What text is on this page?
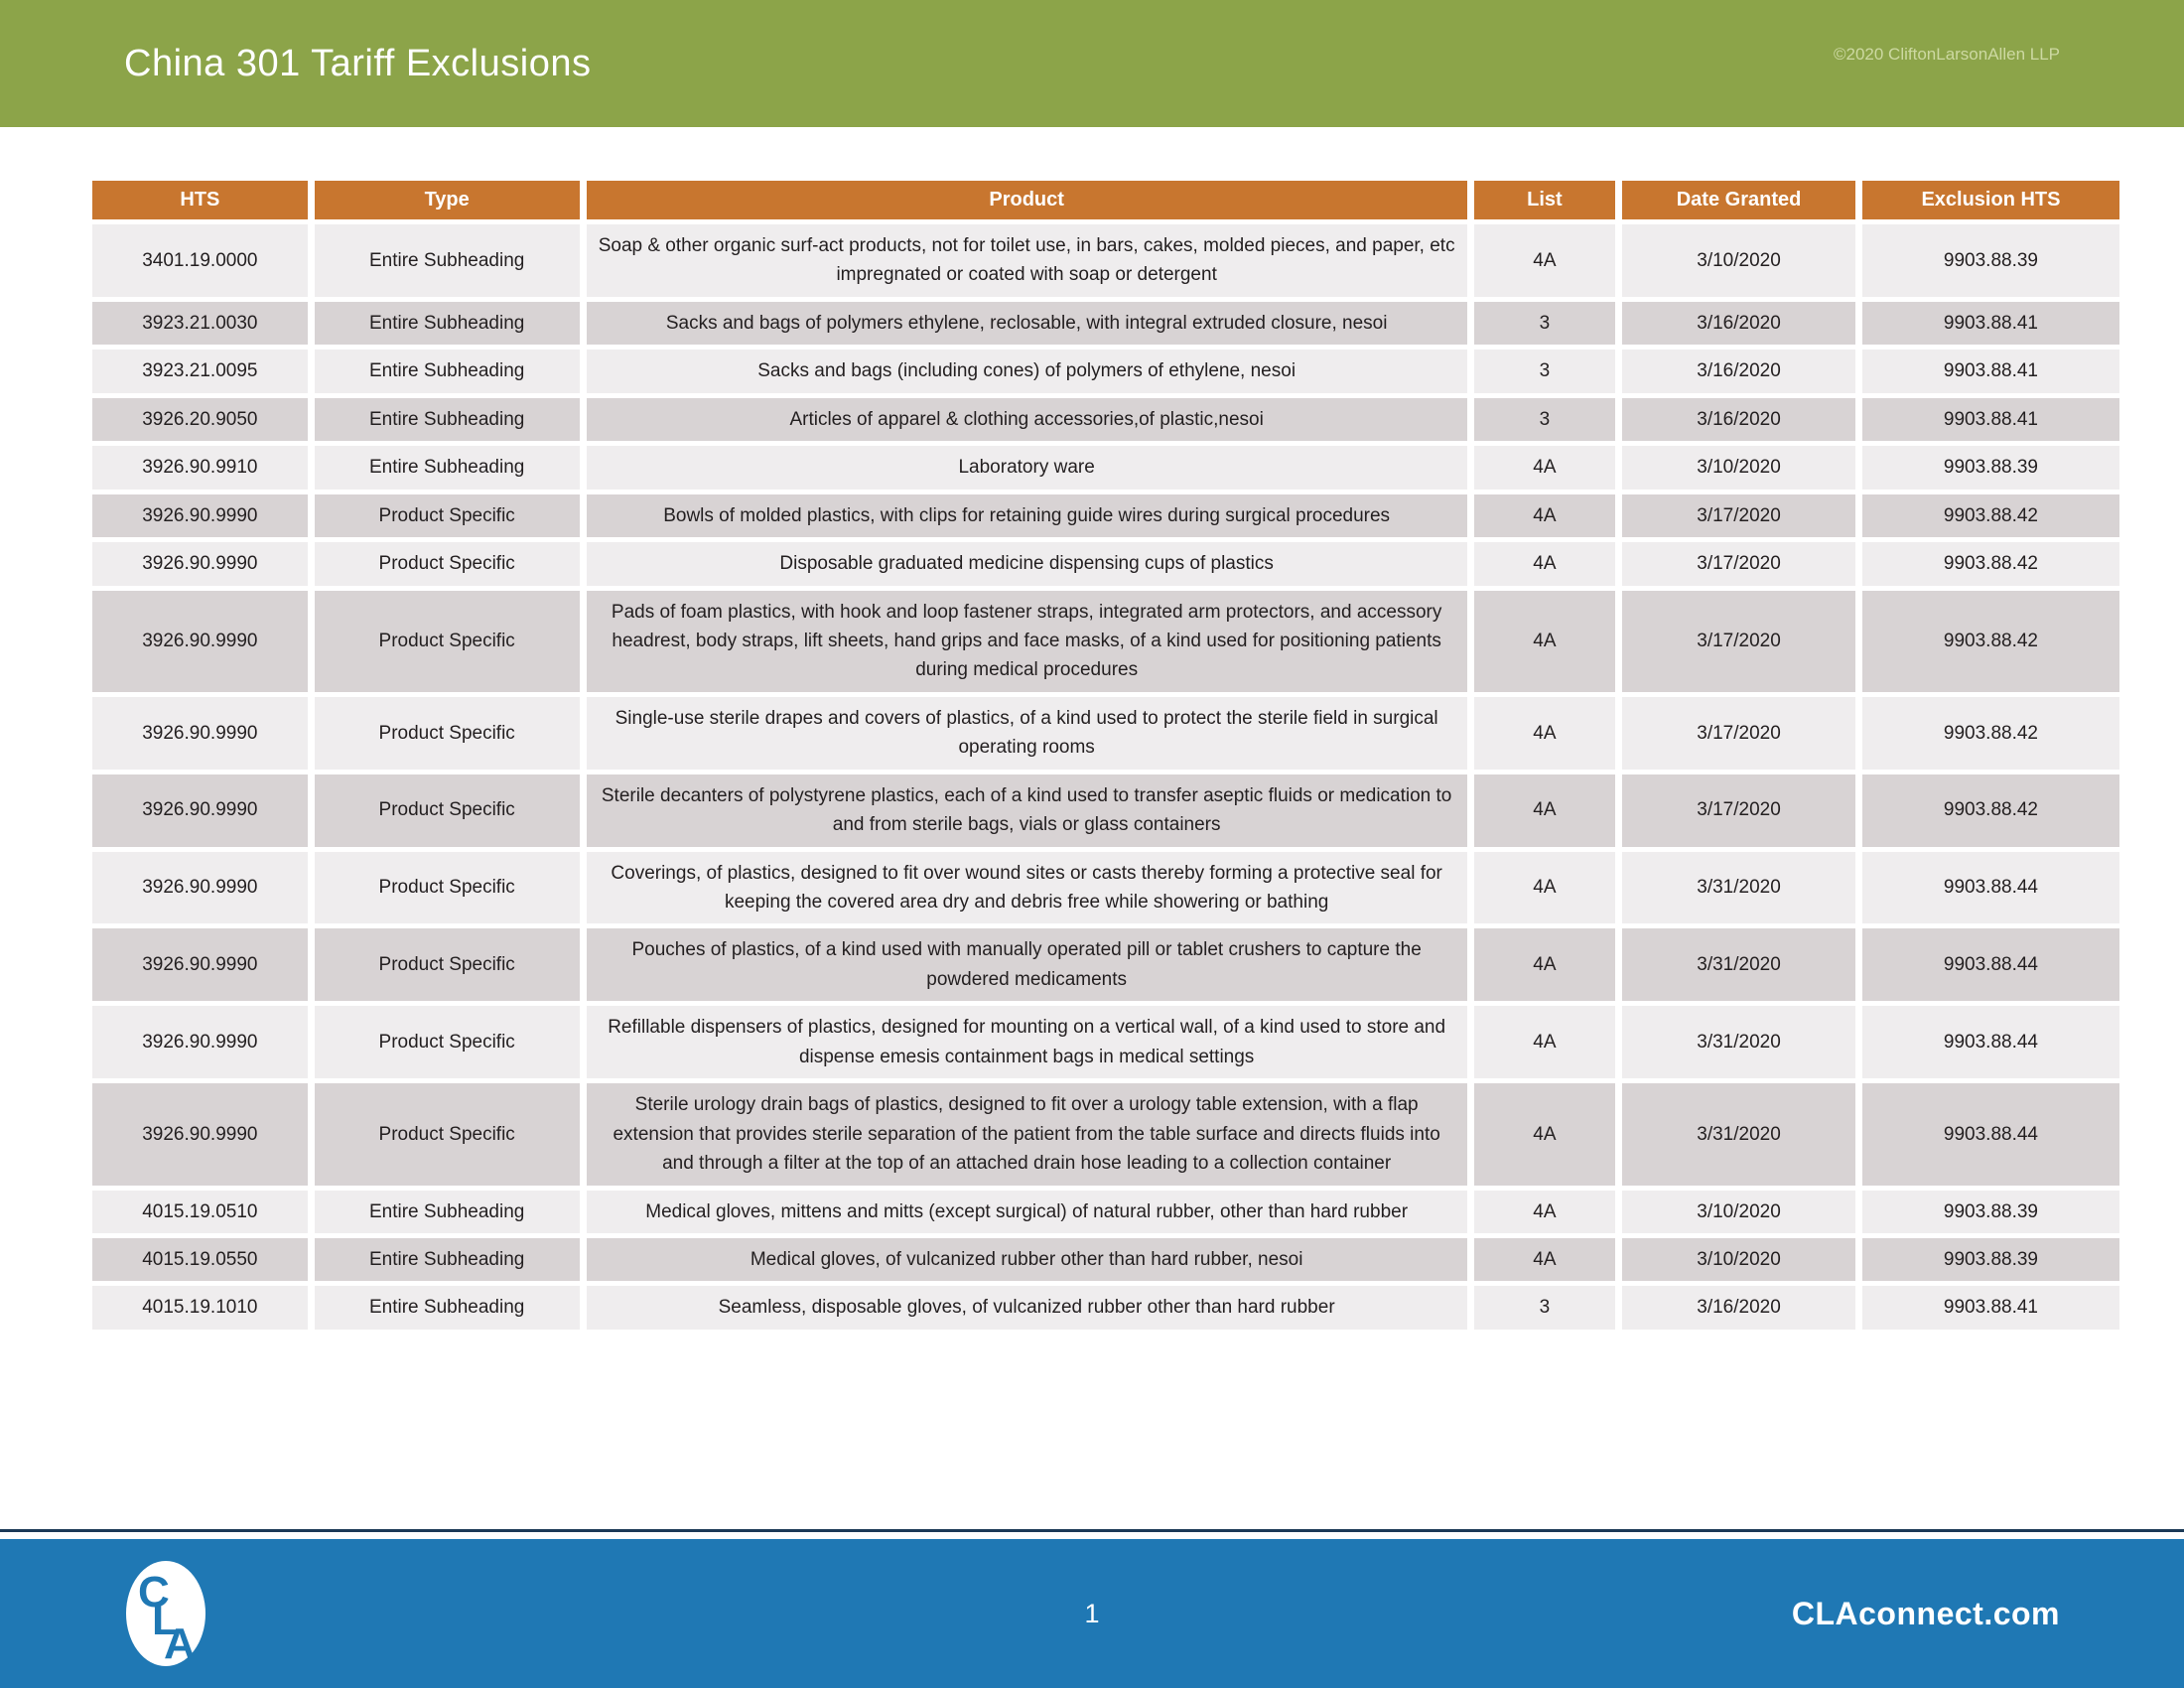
China 301 Tariff Exclusions	©2020 CliftonLarsonAllen LLP
HTS	Type	Product	List	Date Granted	Exclusion HTS
3401.19.0000	Entire Subheading	Soap & other organic surf-act products, not for toilet use, in bars, cakes, molded pieces, and paper, etc impregnated or coated with soap or detergent	4A	3/10/2020	9903.88.39
3923.21.0030	Entire Subheading	Sacks and bags of polymers ethylene, reclosable, with integral extruded closure, nesoi	3	3/16/2020	9903.88.41
3923.21.0095	Entire Subheading	Sacks and bags (including cones) of polymers of ethylene, nesoi	3	3/16/2020	9903.88.41
3926.20.9050	Entire Subheading	Articles of apparel & clothing accessories,of plastic,nesoi	3	3/16/2020	9903.88.41
3926.90.9910	Entire Subheading	Laboratory ware	4A	3/10/2020	9903.88.39
3926.90.9990	Product Specific	Bowls of molded plastics, with clips for retaining guide wires during surgical procedures	4A	3/17/2020	9903.88.42
3926.90.9990	Product Specific	Disposable graduated medicine dispensing cups of plastics	4A	3/17/2020	9903.88.42
3926.90.9990	Product Specific	Pads of foam plastics, with hook and loop fastener straps, integrated arm protectors, and accessory headrest, body straps, lift sheets, hand grips and face masks, of a kind used for positioning patients during medical procedures	4A	3/17/2020	9903.88.42
3926.90.9990	Product Specific	Single-use sterile drapes and covers of plastics, of a kind used to protect the sterile field in surgical operating rooms	4A	3/17/2020	9903.88.42
3926.90.9990	Product Specific	Sterile decanters of polystyrene plastics, each of a kind used to transfer aseptic fluids or medication to and from sterile bags, vials or glass containers	4A	3/17/2020	9903.88.42
3926.90.9990	Product Specific	Coverings, of plastics, designed to fit over wound sites or casts thereby forming a protective seal for keeping the covered area dry and debris free while showering or bathing	4A	3/31/2020	9903.88.44
3926.90.9990	Product Specific	Pouches of plastics, of a kind used with manually operated pill or tablet crushers to capture the powdered medicaments	4A	3/31/2020	9903.88.44
3926.90.9990	Product Specific	Refillable dispensers of plastics, designed for mounting on a vertical wall, of a kind used to store and dispense emesis containment bags in medical settings	4A	3/31/2020	9903.88.44
3926.90.9990	Product Specific	Sterile urology drain bags of plastics, designed to fit over a urology table extension, with a flap extension that provides sterile separation of the patient from the table surface and directs fluids into and through a filter at the top of an attached drain hose leading to a collection container	4A	3/31/2020	9903.88.44
4015.19.0510	Entire Subheading	Medical gloves, mittens and mitts (except surgical) of natural rubber, other than hard rubber	4A	3/10/2020	9903.88.39
4015.19.0550	Entire Subheading	Medical gloves, of vulcanized rubber other than hard rubber, nesoi	4A	3/10/2020	9903.88.39
4015.19.1010	Entire Subheading	Seamless, disposable gloves, of vulcanized rubber other than hard rubber	3	3/16/2020	9903.88.41
C
L
A
1	CLAconnect.com
